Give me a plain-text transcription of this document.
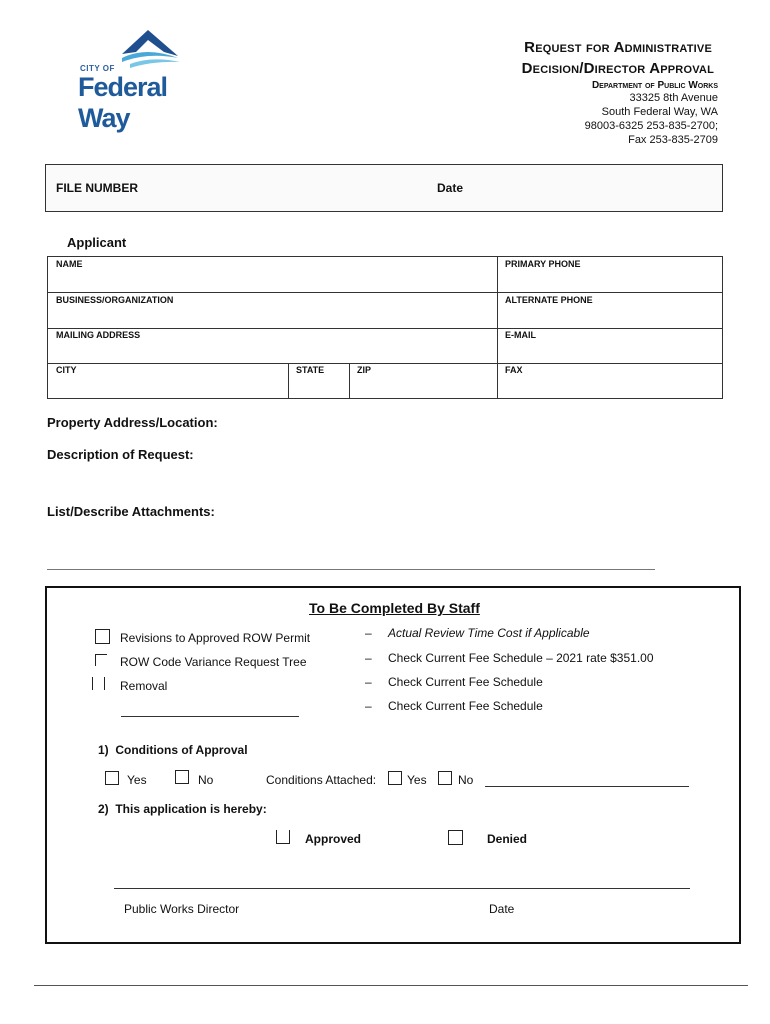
CITY OF
Federal Way
Request for Administrative
Decision/Director Approval
Department of Public Works
33325 8th Avenue
South Federal Way, WA
98003-6325 253-835-2700;
Fax 253-835-2709
FILE NUMBER	Date
Applicant
NAME	PRIMARY PHONE
BUSINESS/ORGANIZATION	ALTERNATE PHONE
MAILING ADDRESS	E-MAIL
CITY	STATE	ZIP	FAX
Property Address/Location:
Description of Request:
List/Describe Attachments:
To Be Completed By Staff
Revisions to Approved ROW Permit
ROW Code Variance Request Tree
Removal
– Actual Review Time Cost if Applicable
– Check Current Fee Schedule – 2021 rate $351.00
– Check Current Fee Schedule
– Check Current Fee Schedule
1)  Conditions of Approval
Yes	No	Conditions Attached:	Yes	No
2)  This application is hereby:
Approved	Denied
Public Works Director	Date
